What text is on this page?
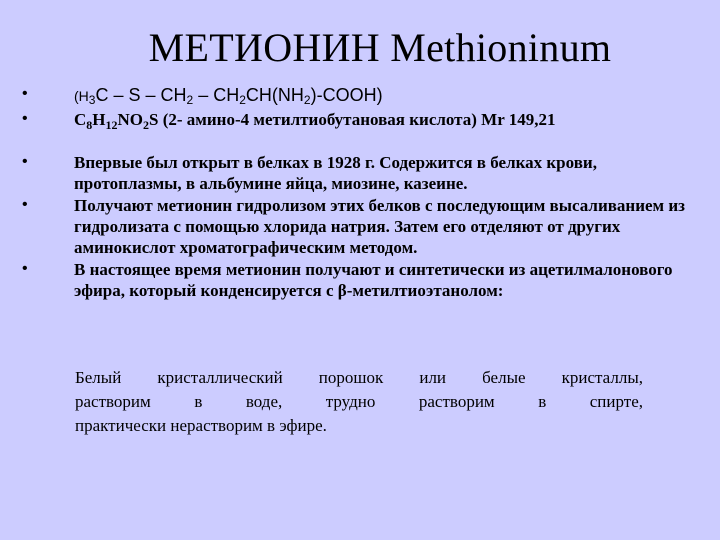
МЕТИОНИН Methioninum
•	($H_3C$ – S – $CH_2$ – $CH_2CH(NH_2)-COOH$)
•	$C_8H_{12}NO_2S$ (2- амино-4 метилтиобутановая кислота) Mr 149,21
•	Впервые был открыт в белках в 1928 г. Содержится в белках крови, протоплазмы, в альбумине яйца, миозине, казеине.
•	Получают метионин гидролизом этих белков с последующим высаливанием из гидролизата с помощью хлорида натрия. Затем его отделяют от других аминокислот хроматографическим методом.
•	В настоящее время метионин получают и синтетически из ацетилмалонового эфира, который конденсируется с β-метилтиоэтанолом:
Белый кристаллический порошок или белые кристаллы,
растворим в воде, трудно растворим в спирте,
практически нерастворим в эфире.
